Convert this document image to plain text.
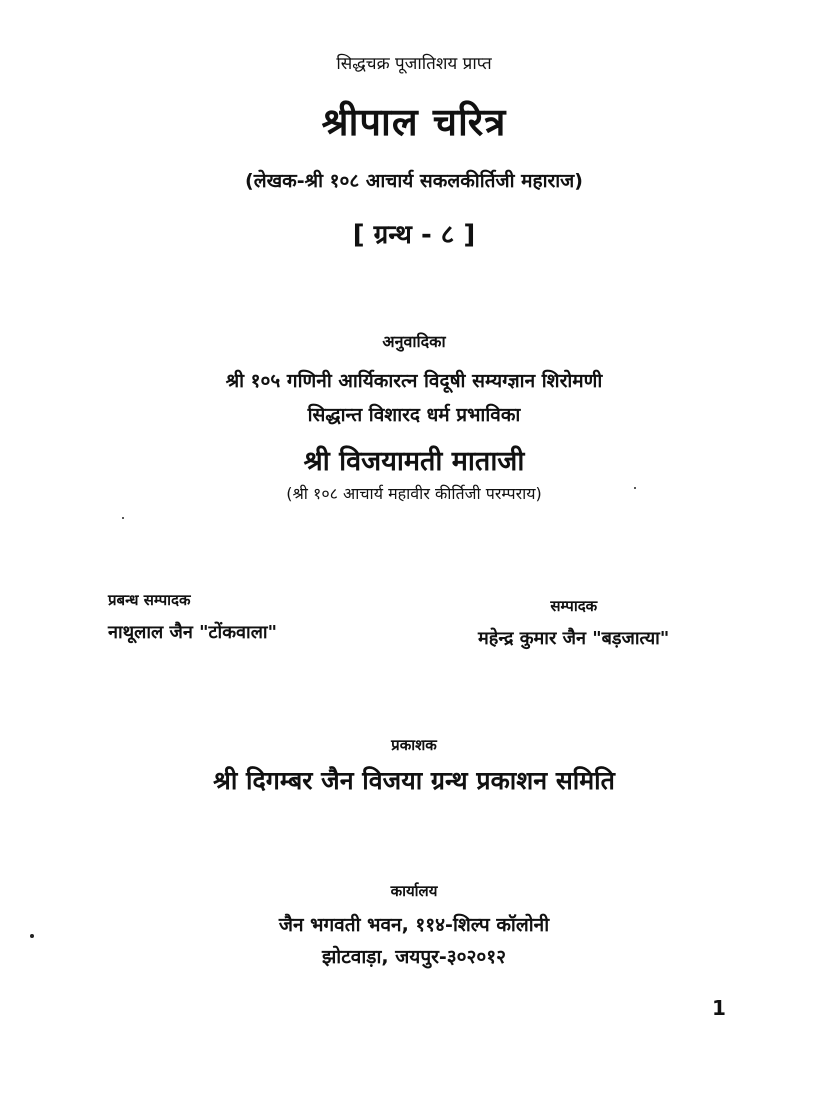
सिद्धचक्र पूजातिशय प्राप्त
श्रीपाल चरित्र
(लेखक-श्री १०८ आचार्य सकलकीर्तिजी महाराज)
[ ग्रन्थ - ८ ]
अनुवादिका
श्री १०५ गणिनी आर्यिकारत्न विदूषी सम्यग्ज्ञान शिरोमणी
सिद्धान्त विशारद धर्म प्रभाविका
श्री विजयामती माताजी
(श्री १०८ आचार्य महावीर कीर्तिजी परम्पराय)
प्रबन्ध सम्पादक
नाथूलाल जैन "टोंकवाला"
सम्पादक
महेन्द्र कुमार जैन "बड़जात्या"
प्रकाशक
श्री दिगम्बर जैन विजया ग्रन्थ प्रकाशन समिति
कार्यालय
जैन भगवती भवन, ११४-शिल्प कॉलोनी
झोटवाड़ा, जयपुर-३०२०१२
1
